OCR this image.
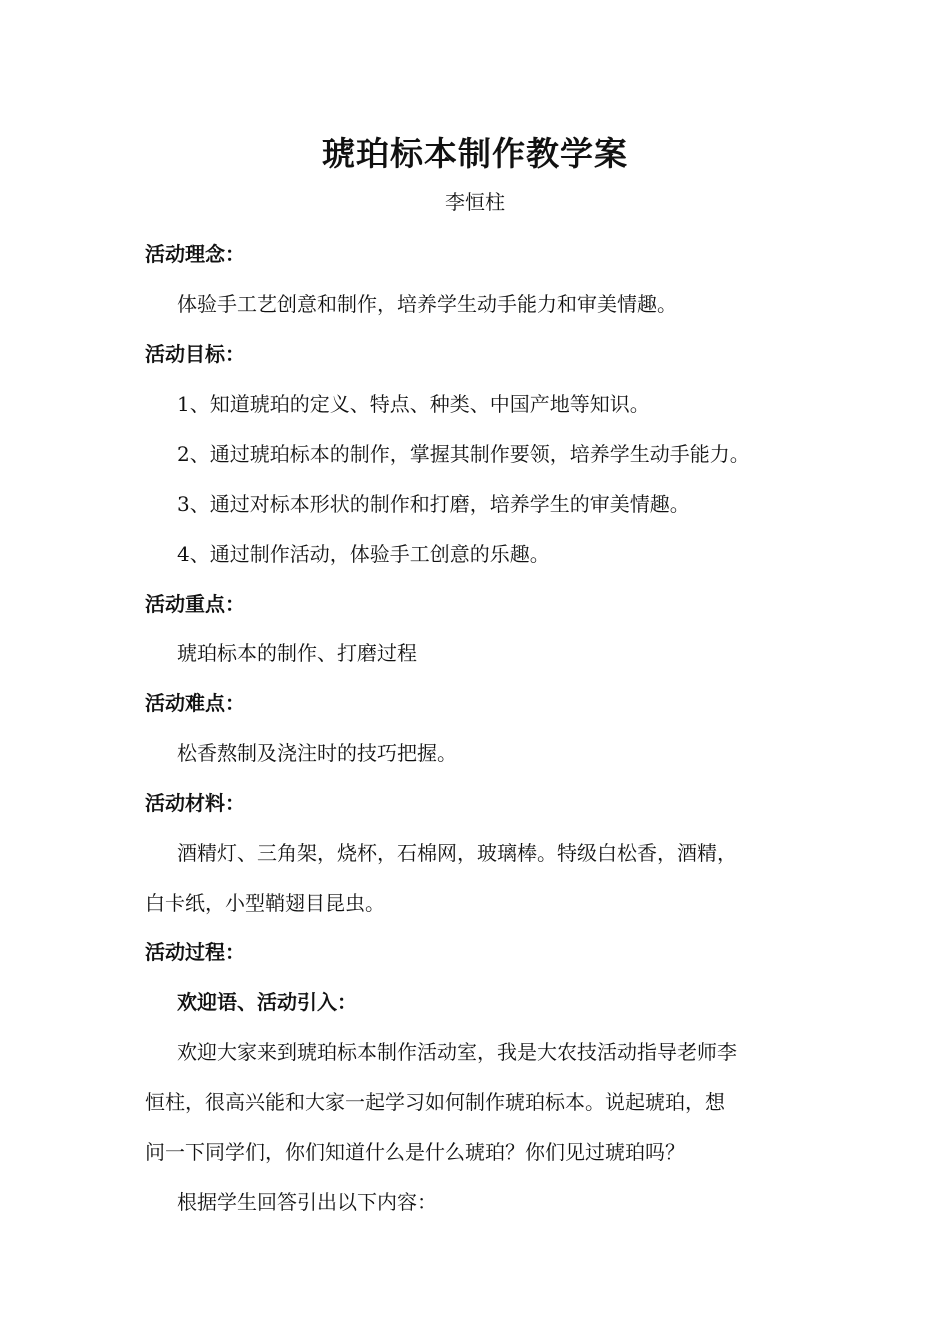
琥珀标本制作教学案
李恒柱
活动理念：
体验手工艺创意和制作，培养学生动手能力和审美情趣。
活动目标：
1、知道琥珀的定义、特点、种类、中国产地等知识。
2、通过琥珀标本的制作，掌握其制作要领，培养学生动手能力。
3、通过对标本形状的制作和打磨，培养学生的审美情趣。
4、通过制作活动，体验手工创意的乐趣。
活动重点：
琥珀标本的制作、打磨过程
活动难点：
松香熬制及浇注时的技巧把握。
活动材料：
酒精灯、三角架，烧杯，石棉网，玻璃棒。特级白松香，酒精，
白卡纸，小型鞘翅目昆虫。
活动过程：
欢迎语、活动引入：
欢迎大家来到琥珀标本制作活动室，我是大农技活动指导老师李
恒柱，很高兴能和大家一起学习如何制作琥珀标本。说起琥珀，想
问一下同学们，你们知道什么是什么琥珀？你们见过琥珀吗？
根据学生回答引出以下内容：
